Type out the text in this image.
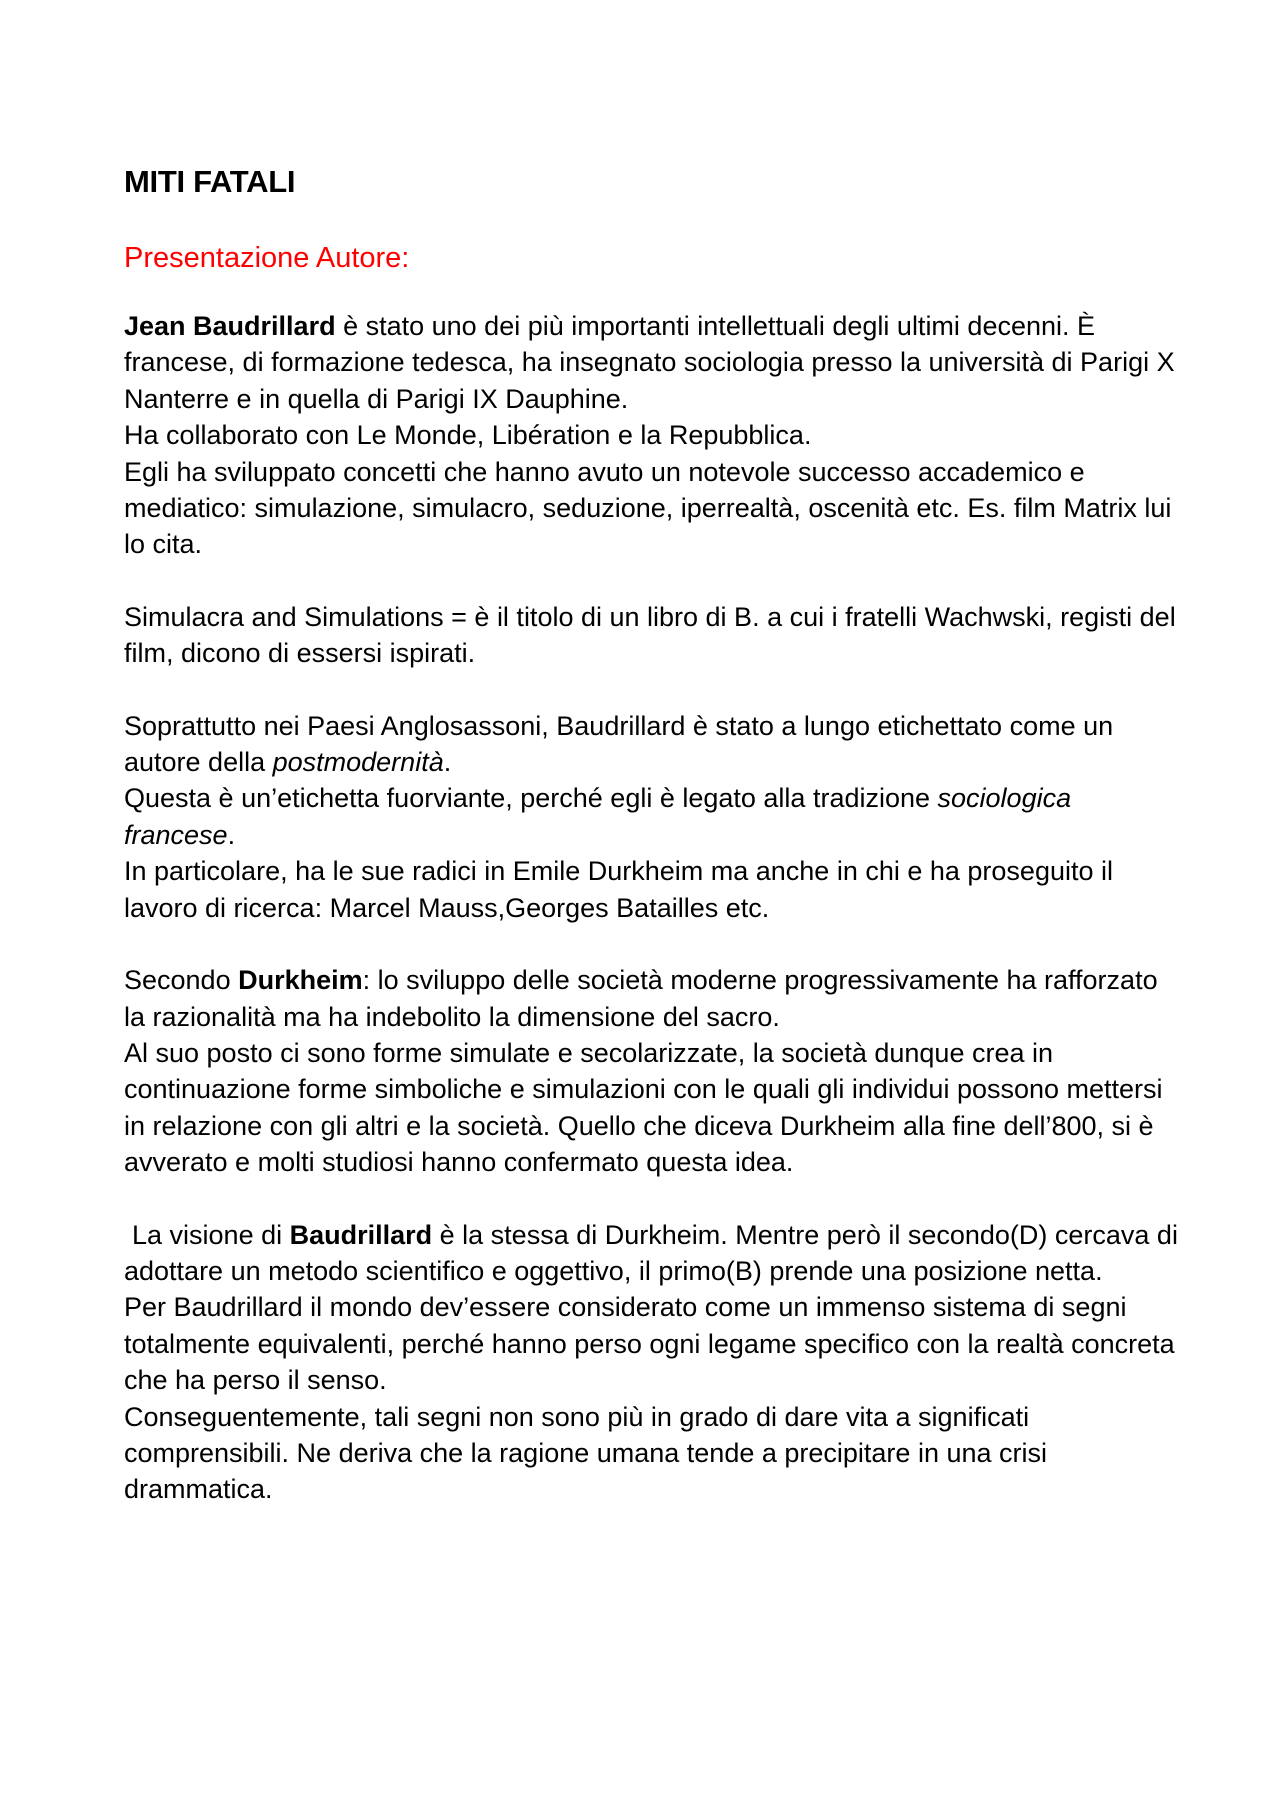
MITI FATALI
Presentazione Autore:

Jean Baudrillard è stato uno dei più importanti intellettuali degli ultimi decenni. È francese, di formazione tedesca, ha insegnato sociologia presso la università di Parigi X Nanterre e in quella di Parigi IX Dauphine.
Ha collaborato con Le Monde, Libération e la Repubblica.
Egli ha sviluppato concetti che hanno avuto un notevole successo accademico e mediatico: simulazione, simulacro, seduzione, iperrealtà, oscenità etc. Es. film Matrix lui lo cita.

Simulacra and Simulations = è il titolo di un libro di B. a cui i fratelli Wachwski, registi del film, dicono di essersi ispirati.

Soprattutto nei Paesi Anglosassoni, Baudrillard è stato a lungo etichettato come un autore della postmodernità.
Questa è un’etichetta fuorviante, perché egli è legato alla tradizione sociologica francese.
In particolare, ha le sue radici in Emile Durkheim ma anche in chi e ha proseguito il lavoro di ricerca: Marcel Mauss,Georges Batailles etc.

Secondo Durkheim: lo sviluppo delle società moderne progressivamente ha rafforzato la razionalità ma ha indebolito la dimensione del sacro.
Al suo posto ci sono forme simulate e secolarizzate, la società dunque crea in continuazione forme simboliche e simulazioni con le quali gli individui possono mettersi in relazione con gli altri e la società. Quello che diceva Durkheim alla fine dell’800, si è avverato e molti studiosi hanno confermato questa idea.

La visione di Baudrillard è la stessa di Durkheim. Mentre però il secondo(D) cercava di adottare un metodo scientifico e oggettivo, il primo(B) prende una posizione netta.
Per Baudrillard il mondo dev’essere considerato come un immenso sistema di segni totalmente equivalenti, perché hanno perso ogni legame specifico con la realtà concreta che ha perso il senso.
Conseguentemente, tali segni non sono più in grado di dare vita a significati comprensibili. Ne deriva che la ragione umana tende a precipitare in una crisi drammatica.
